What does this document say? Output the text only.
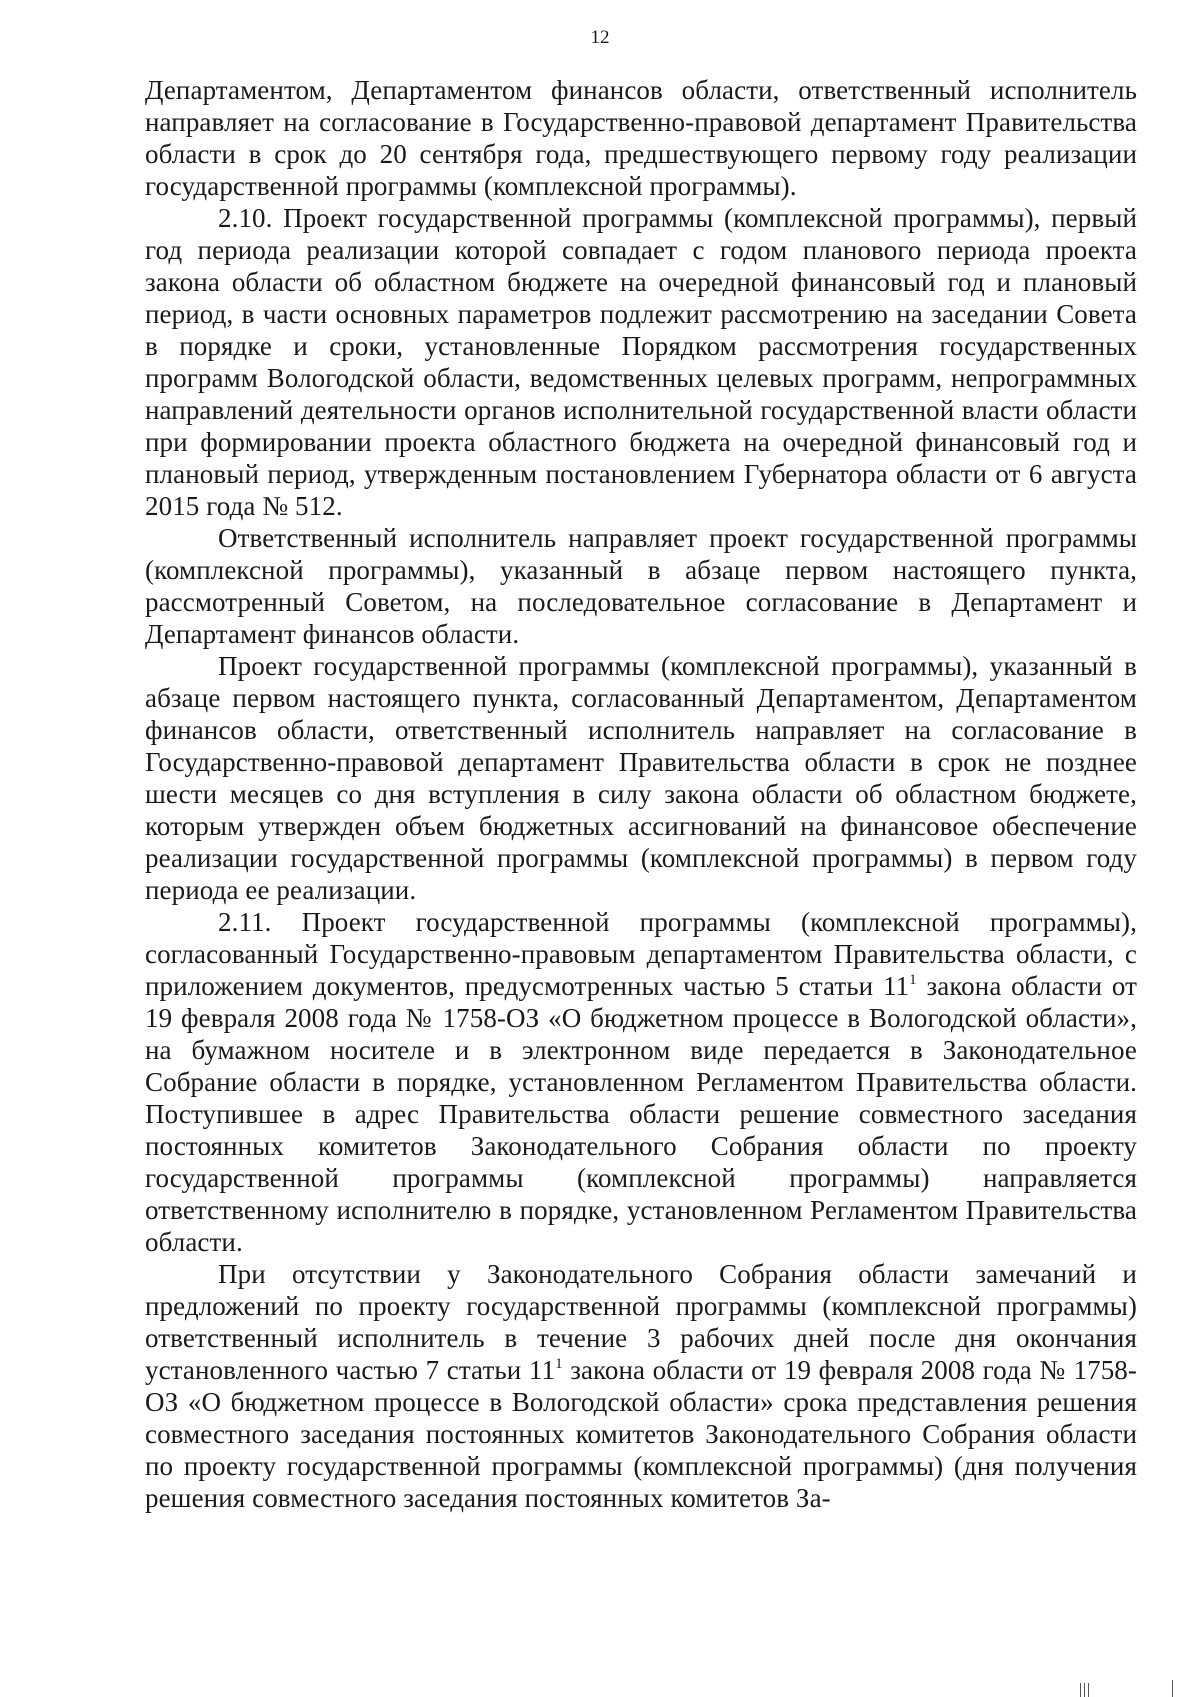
12

Департаментом, Департаментом финансов области, ответственный исполнитель направляет на согласование в Государственно-правовой департамент Правительства области в срок до 20 сентября года, предшествующего первому году реализации государственной программы (комплексной программы).

2.10. Проект государственной программы (комплексной программы), первый год периода реализации которой совпадает с годом планового периода проекта закона области об областном бюджете на очередной финансовый год и плановый период, в части основных параметров подлежит рассмотрению на заседании Совета в порядке и сроки, установленные Порядком рассмотрения государственных программ Вологодской области, ведомственных целевых программ, непрограммных направлений деятельности органов исполнительной государственной власти области при формировании проекта областного бюджета на очередной финансовый год и плановый период, утвержденным постановлением Губернатора области от 6 августа 2015 года № 512.

Ответственный исполнитель направляет проект государственной программы (комплексной программы), указанный в абзаце первом настоящего пункта, рассмотренный Советом, на последовательное согласование в Департамент и Департамент финансов области.

Проект государственной программы (комплексной программы), указанный в абзаце первом настоящего пункта, согласованный Департаментом, Департаментом финансов области, ответственный исполнитель направляет на согласование в Государственно-правовой департамент Правительства области в срок не позднее шести месяцев со дня вступления в силу закона области об областном бюджете, которым утвержден объем бюджетных ассигнований на финансовое обеспечение реализации государственной программы (комплексной программы) в первом году периода ее реализации.

2.11. Проект государственной программы (комплексной программы), согласованный Государственно-правовым департаментом Правительства области, с приложением документов, предусмотренных частью 5 статьи $11^1$ закона области от 19 февраля 2008 года № 1758-ОЗ «О бюджетном процессе в Вологодской области», на бумажном носителе и в электронном виде передается в Законодательное Собрание области в порядке, установленном Регламентом Правительства области. Поступившее в адрес Правительства области решение совместного заседания постоянных комитетов Законодательного Собрания области по проекту государственной программы (комплексной программы) направляется ответственному исполнителю в порядке, установленном Регламентом Правительства области.

При отсутствии у Законодательного Собрания области замечаний и предложений по проекту государственной программы (комплексной программы) ответственный исполнитель в течение 3 рабочих дней после дня окончания установленного частью 7 статьи $11^1$ закона области от 19 февраля 2008 года № 1758-ОЗ «О бюджетном процессе в Вологодской области» срока представления решения совместного заседания постоянных комитетов Законодательного Собрания области по проекту государственной программы (комплексной программы) (дня получения решения совместного заседания постоянных комитетов За-
